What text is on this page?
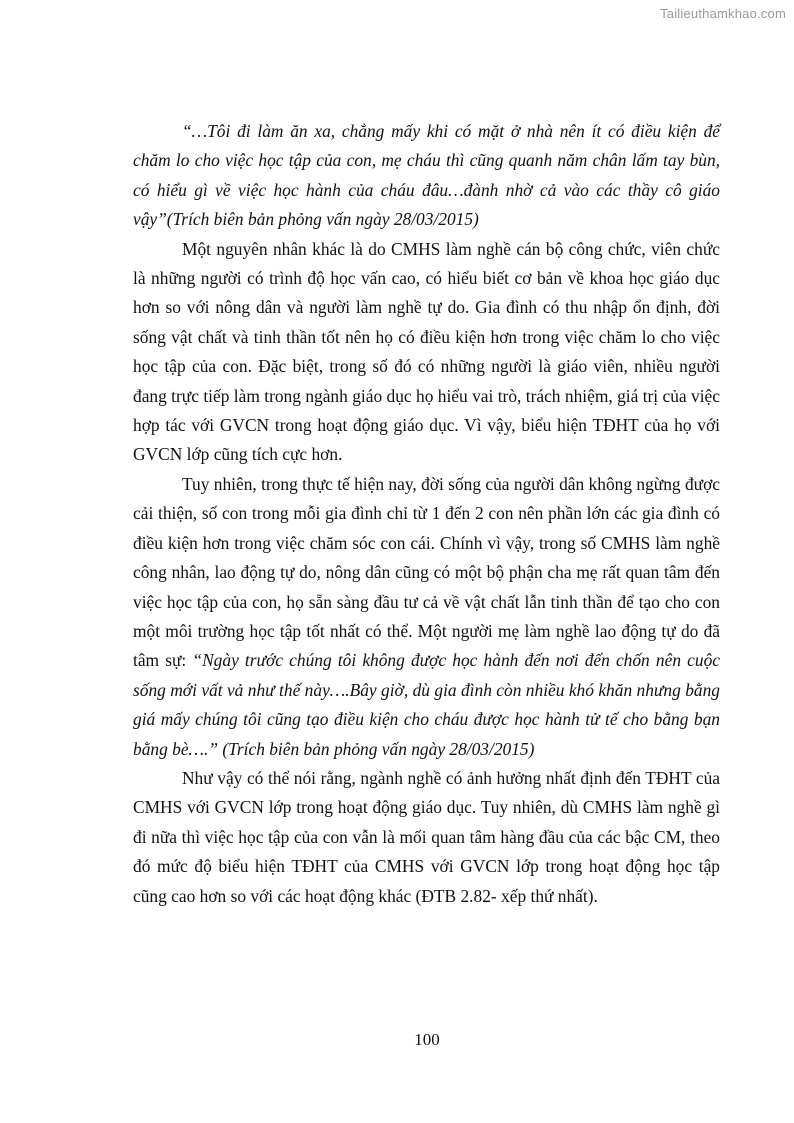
Tailieuthamkhao.com

“…Tôi đi làm ăn xa, chẳng mấy khi có mặt ở nhà nên ít có điều kiện để chăm lo cho việc học tập của con, mẹ cháu thì cũng quanh năm chân lấm tay bùn, có hiểu gì về việc học hành của cháu đâu…đành nhờ cả vào các thầy cô giáo vậy”(Trích biên bản phỏng vấn ngày 28/03/2015)

Một nguyên nhân khác là do CMHS làm nghề cán bộ công chức, viên chức là những người có trình độ học vấn cao, có hiểu biết cơ bản về khoa học giáo dục hơn so với nông dân và người làm nghề tự do. Gia đình có thu nhập ổn định, đời sống vật chất và tinh thần tốt nên họ có điều kiện hơn trong việc chăm lo cho việc học tập của con. Đặc biệt, trong số đó có những người là giáo viên, nhiều người đang trực tiếp làm trong ngành giáo dục họ hiểu vai trò, trách nhiệm, giá trị của việc hợp tác với GVCN trong hoạt động giáo dục. Vì vậy, biểu hiện TĐHT của họ với GVCN lớp cũng tích cực hơn.

Tuy nhiên, trong thực tế hiện nay, đời sống của người dân không ngừng được cải thiện, số con trong mỗi gia đình chỉ từ 1 đến 2 con nên phần lớn các gia đình có điều kiện hơn trong việc chăm sóc con cái. Chính vì vậy, trong số CMHS làm nghề công nhân, lao động tự do, nông dân cũng có một bộ phận cha mẹ rất quan tâm đến việc học tập của con, họ sẵn sàng đầu tư cả về vật chất lẫn tinh thần để tạo cho con một môi trường học tập tốt nhất có thể. Một người mẹ làm nghề lao động tự do đã tâm sự: “Ngày trước chúng tôi không được học hành đến nơi đến chốn nên cuộc sống mới vất vả như thế này….Bây giờ, dù gia đình còn nhiều khó khăn nhưng bằng giá mấy chúng tôi cũng tạo điều kiện cho cháu được học hành tử tế cho bằng bạn bằng bè….” (Trích biên bản phỏng vấn ngày 28/03/2015)

Như vậy có thể nói rằng, ngành nghề có ảnh hưởng nhất định đến TĐHT của CMHS với GVCN lớp trong hoạt động giáo dục. Tuy nhiên, dù CMHS làm nghề gì đi nữa thì việc học tập của con vẫn là mối quan tâm hàng đầu của các bậc CM, theo đó mức độ biểu hiện TĐHT của CMHS với GVCN lớp trong hoạt động học tập cũng cao hơn so với các hoạt động khác (ĐTB 2.82- xếp thứ nhất).

100
